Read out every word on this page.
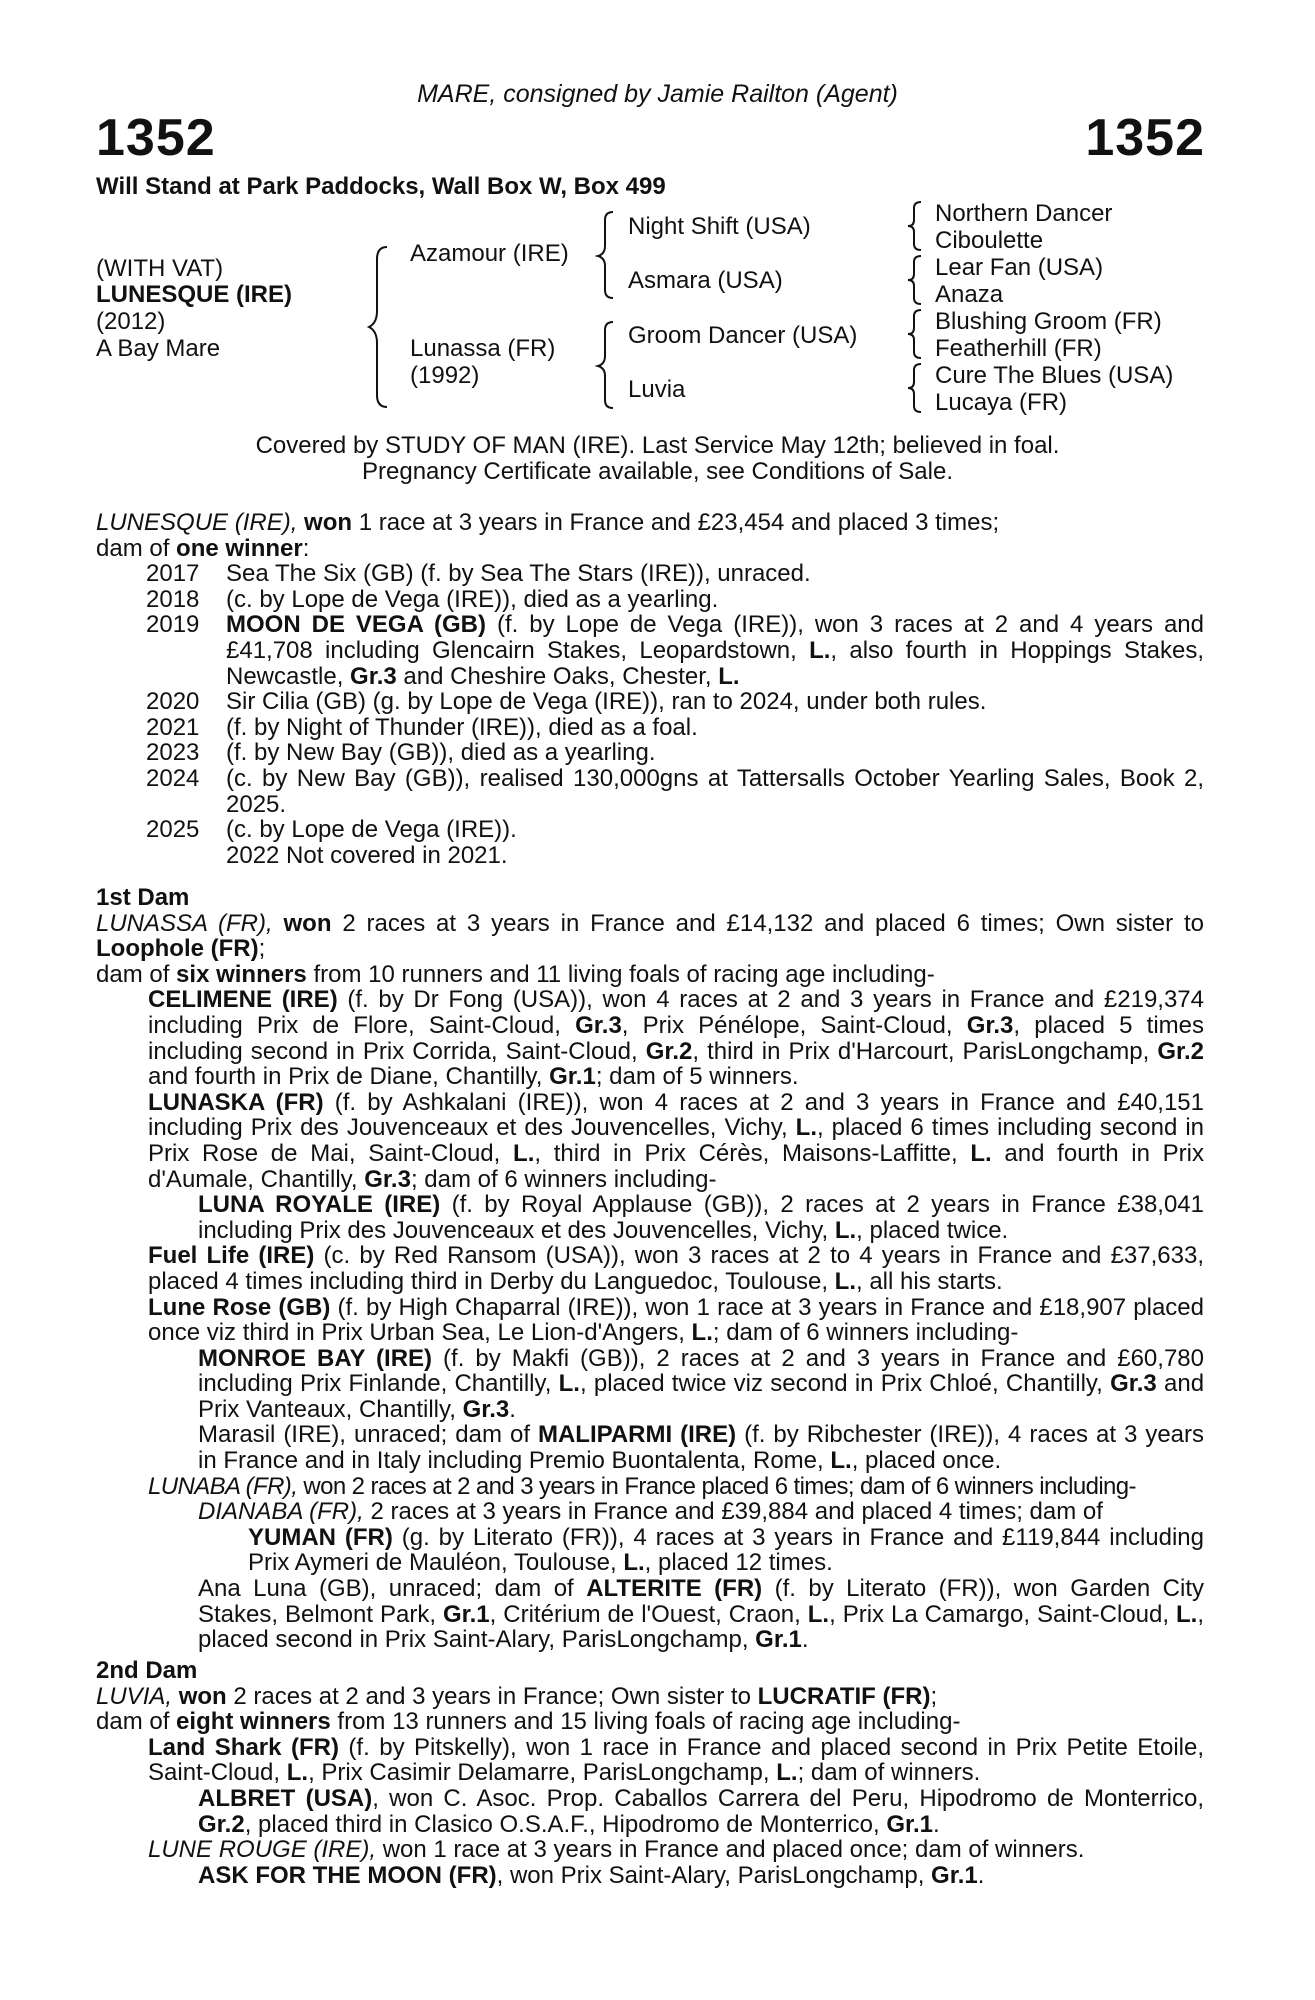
MARE, consigned by Jamie Railton (Agent)
1352	1352
Will Stand at Park Paddocks, Wall Box W, Box 499
(WITH VAT)
LUNESQUE (IRE)
(2012)
A Bay Mare
Azamour (IRE)
Lunassa (FR)
(1992)
Night Shift (USA)
Asmara (USA)
Groom Dancer (USA)
Luvia
Northern Dancer
Ciboulette
Lear Fan (USA)
Anaza
Blushing Groom (FR)
Featherhill (FR)
Cure The Blues (USA)
Lucaya (FR)
Covered by STUDY OF MAN (IRE). Last Service May 12th; believed in foal.
Pregnancy Certificate available, see Conditions of Sale.
LUNESQUE (IRE), won 1 race at 3 years in France and £23,454 and placed 3 times;
dam of one winner:
2017	Sea The Six (GB) (f. by Sea The Stars (IRE)), unraced.
2018	(c. by Lope de Vega (IRE)), died as a yearling.
2019	MOON DE VEGA (GB) (f. by Lope de Vega (IRE)), won 3 races at 2 and 4 years and £41,708 including Glencairn Stakes, Leopardstown, L., also fourth in Hoppings Stakes, Newcastle, Gr.3 and Cheshire Oaks, Chester, L.
2020	Sir Cilia (GB) (g. by Lope de Vega (IRE)), ran to 2024, under both rules.
2021	(f. by Night of Thunder (IRE)), died as a foal.
2023	(f. by New Bay (GB)), died as a yearling.
2024	(c. by New Bay (GB)), realised 130,000gns at Tattersalls October Yearling Sales, Book 2, 2025.
2025	(c. by Lope de Vega (IRE)).
2022 Not covered in 2021.
1st Dam
LUNASSA (FR), won 2 races at 3 years in France and £14,132 and placed 6 times; Own sister to Loophole (FR);
dam of six winners from 10 runners and 11 living foals of racing age including-
CELIMENE (IRE) (f. by Dr Fong (USA)), won 4 races at 2 and 3 years in France and £219,374 including Prix de Flore, Saint-Cloud, Gr.3, Prix Pénélope, Saint-Cloud, Gr.3, placed 5 times including second in Prix Corrida, Saint-Cloud, Gr.2, third in Prix d'Harcourt, ParisLongchamp, Gr.2 and fourth in Prix de Diane, Chantilly, Gr.1; dam of 5 winners.
LUNASKA (FR) (f. by Ashkalani (IRE)), won 4 races at 2 and 3 years in France and £40,151 including Prix des Jouvenceaux et des Jouvencelles, Vichy, L., placed 6 times including second in Prix Rose de Mai, Saint-Cloud, L., third in Prix Cérès, Maisons-Laffitte, L. and fourth in Prix d'Aumale, Chantilly, Gr.3; dam of 6 winners including-
LUNA ROYALE (IRE) (f. by Royal Applause (GB)), 2 races at 2 years in France £38,041 including Prix des Jouvenceaux et des Jouvencelles, Vichy, L., placed twice.
Fuel Life (IRE) (c. by Red Ransom (USA)), won 3 races at 2 to 4 years in France and £37,633, placed 4 times including third in Derby du Languedoc, Toulouse, L., all his starts.
Lune Rose (GB) (f. by High Chaparral (IRE)), won 1 race at 3 years in France and £18,907 placed once viz third in Prix Urban Sea, Le Lion-d'Angers, L.; dam of 6 winners including-
MONROE BAY (IRE) (f. by Makfi (GB)), 2 races at 2 and 3 years in France and £60,780 including Prix Finlande, Chantilly, L., placed twice viz second in Prix Chloé, Chantilly, Gr.3 and Prix Vanteaux, Chantilly, Gr.3.
Marasil (IRE), unraced; dam of MALIPARMI (IRE) (f. by Ribchester (IRE)), 4 races at 3 years in France and in Italy including Premio Buontalenta, Rome, L., placed once.
LUNABA (FR), won 2 races at 2 and 3 years in France placed 6 times; dam of 6 winners including-
DIANABA (FR), 2 races at 3 years in France and £39,884 and placed 4 times; dam of
YUMAN (FR) (g. by Literato (FR)), 4 races at 3 years in France and £119,844 including Prix Aymeri de Mauléon, Toulouse, L., placed 12 times.
Ana Luna (GB), unraced; dam of ALTERITE (FR) (f. by Literato (FR)), won Garden City Stakes, Belmont Park, Gr.1, Critérium de l'Ouest, Craon, L., Prix La Camargo, Saint-Cloud, L., placed second in Prix Saint-Alary, ParisLongchamp, Gr.1.
2nd Dam
LUVIA, won 2 races at 2 and 3 years in France; Own sister to LUCRATIF (FR);
dam of eight winners from 13 runners and 15 living foals of racing age including-
Land Shark (FR) (f. by Pitskelly), won 1 race in France and placed second in Prix Petite Etoile, Saint-Cloud, L., Prix Casimir Delamarre, ParisLongchamp, L.; dam of winners.
ALBRET (USA), won C. Asoc. Prop. Caballos Carrera del Peru, Hipodromo de Monterrico, Gr.2, placed third in Clasico O.S.A.F., Hipodromo de Monterrico, Gr.1.
LUNE ROUGE (IRE), won 1 race at 3 years in France and placed once; dam of winners.
ASK FOR THE MOON (FR), won Prix Saint-Alary, ParisLongchamp, Gr.1.
